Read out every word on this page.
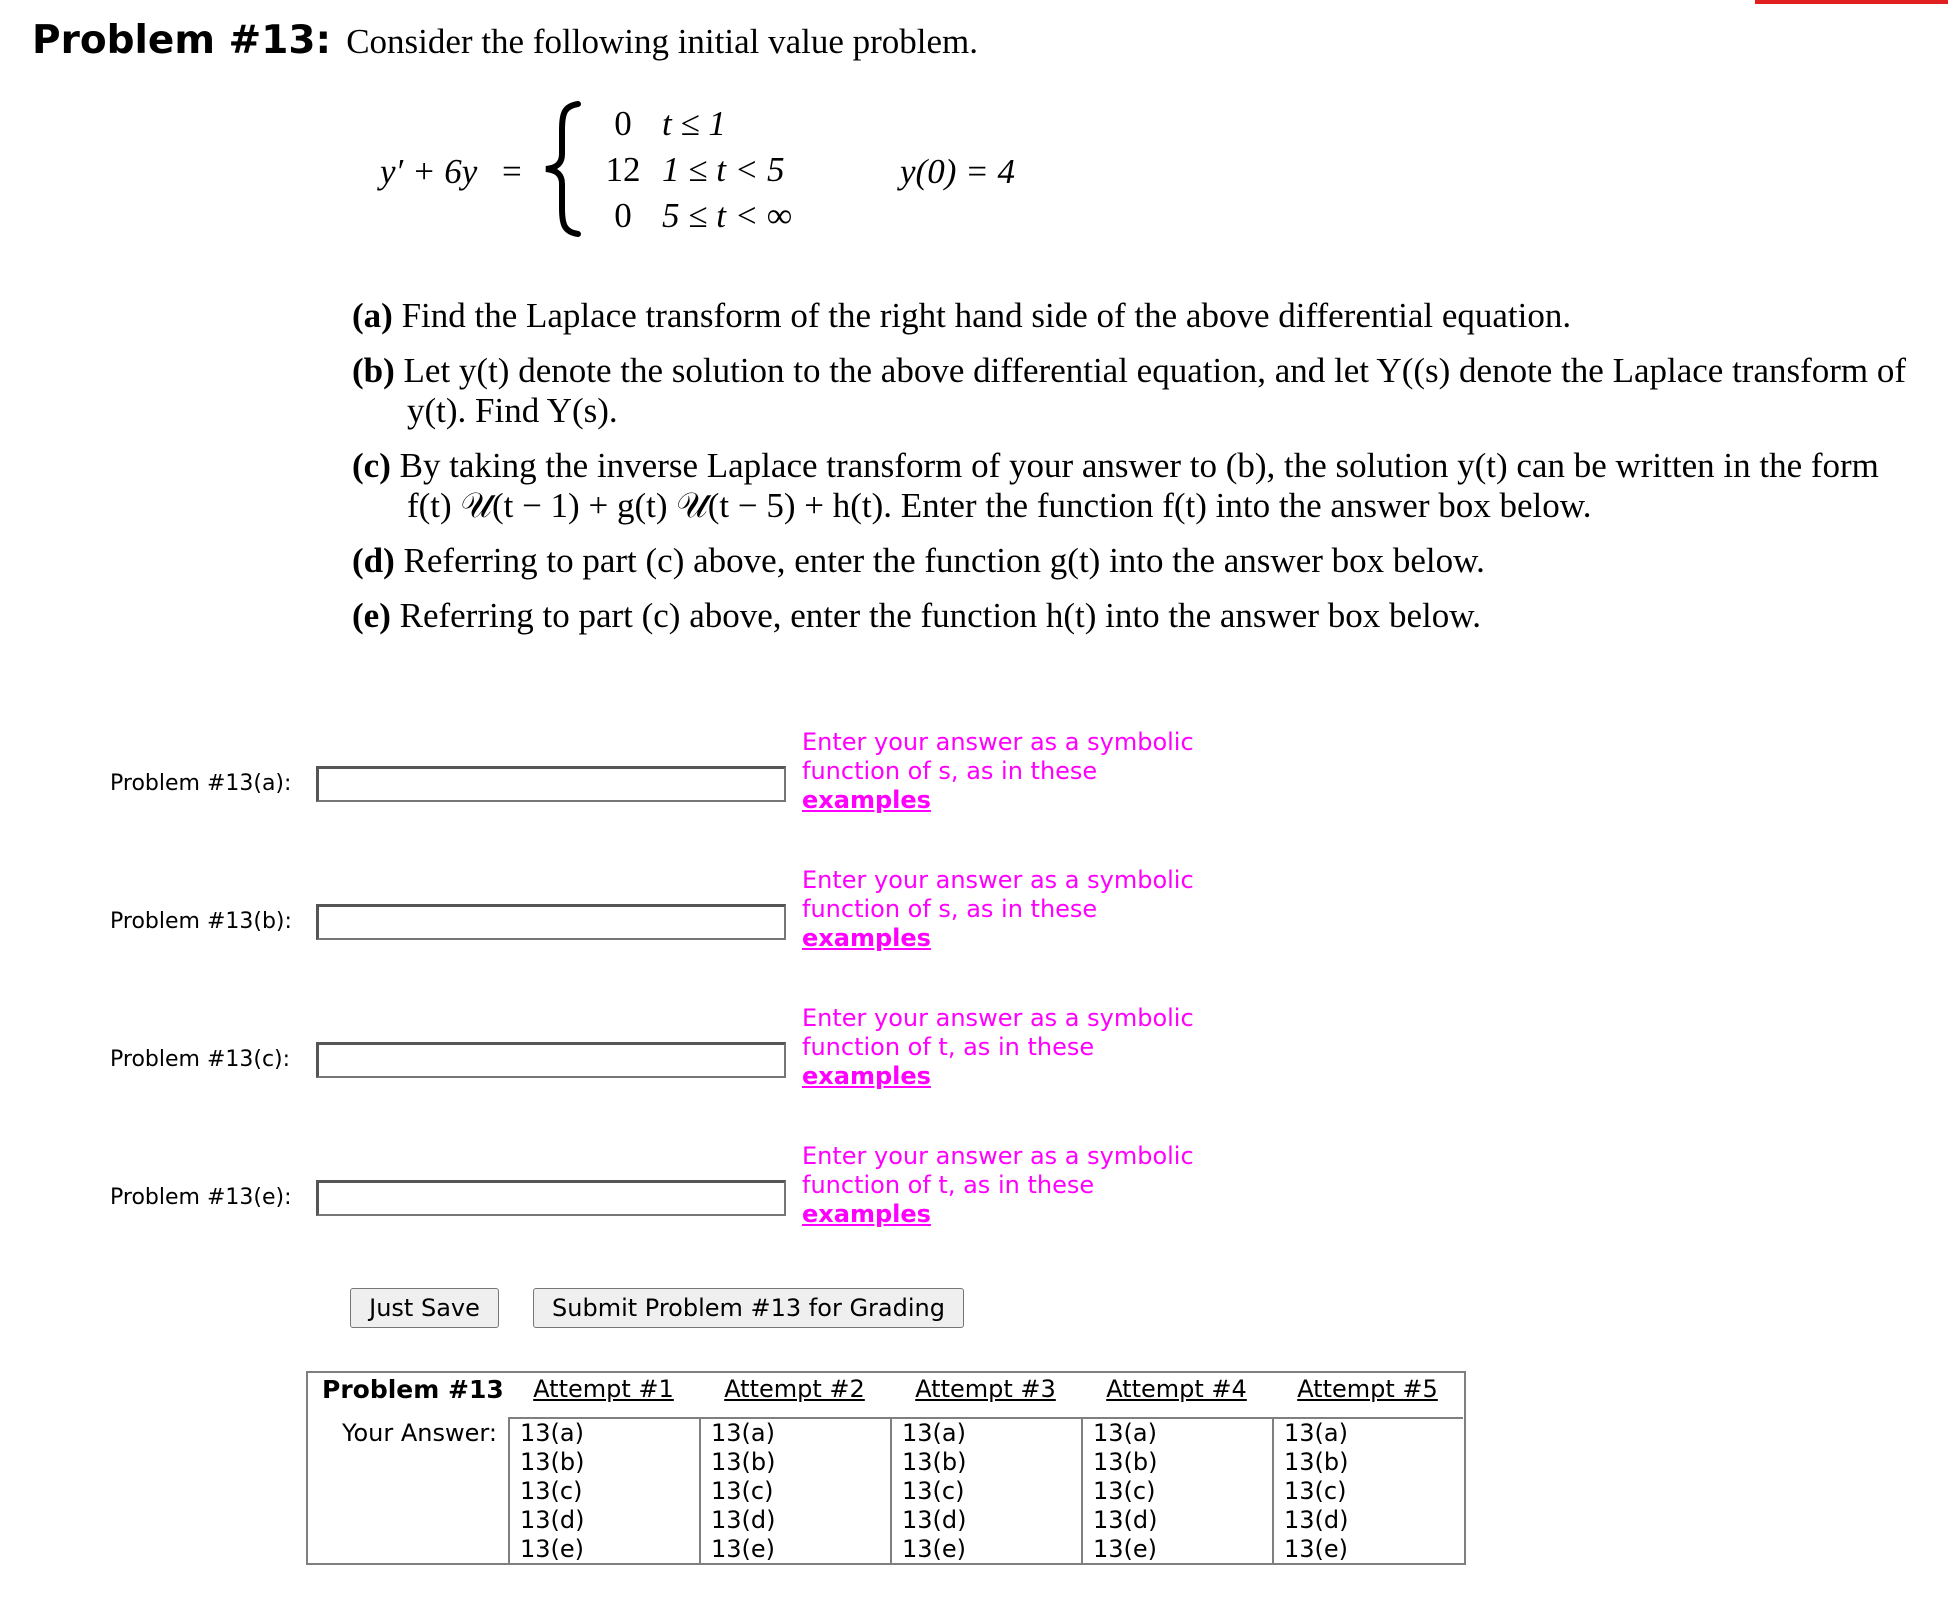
Problem #13: Consider the following initial value problem.
y′ + 6y =
0 t ≤ 1
12 1 ≤ t < 5
0 5 ≤ t < ∞
y(0) = 4
(a) Find the Laplace transform of the right hand side of the above differential equation.
(b) Let y(t) denote the solution to the above differential equation, and let Y((s) denote the Laplace transform of y(t). Find Y(s).
(c) By taking the inverse Laplace transform of your answer to (b), the solution y(t) can be written in the form f(t) 𝒰(t − 1) + g(t) 𝒰(t − 5) + h(t). Enter the function f(t) into the answer box below.
(d) Referring to part (c) above, enter the function g(t) into the answer box below.
(e) Referring to part (c) above, enter the function h(t) into the answer box below.
Problem #13(a):
Enter your answer as a symbolic
function of s, as in these
examples
Problem #13(b):
Enter your answer as a symbolic
function of s, as in these
examples
Problem #13(c):
Enter your answer as a symbolic
function of t, as in these
examples
Problem #13(e):
Enter your answer as a symbolic
function of t, as in these
examples
Just Save	Submit Problem #13 for Grading
Problem #13
Your Answer:
Attempt #1
13(a)
13(b)
13(c)
13(d)
13(e)
Attempt #2
13(a)
13(b)
13(c)
13(d)
13(e)
Attempt #3
13(a)
13(b)
13(c)
13(d)
13(e)
Attempt #4
13(a)
13(b)
13(c)
13(d)
13(e)
Attempt #5
13(a)
13(b)
13(c)
13(d)
13(e)
